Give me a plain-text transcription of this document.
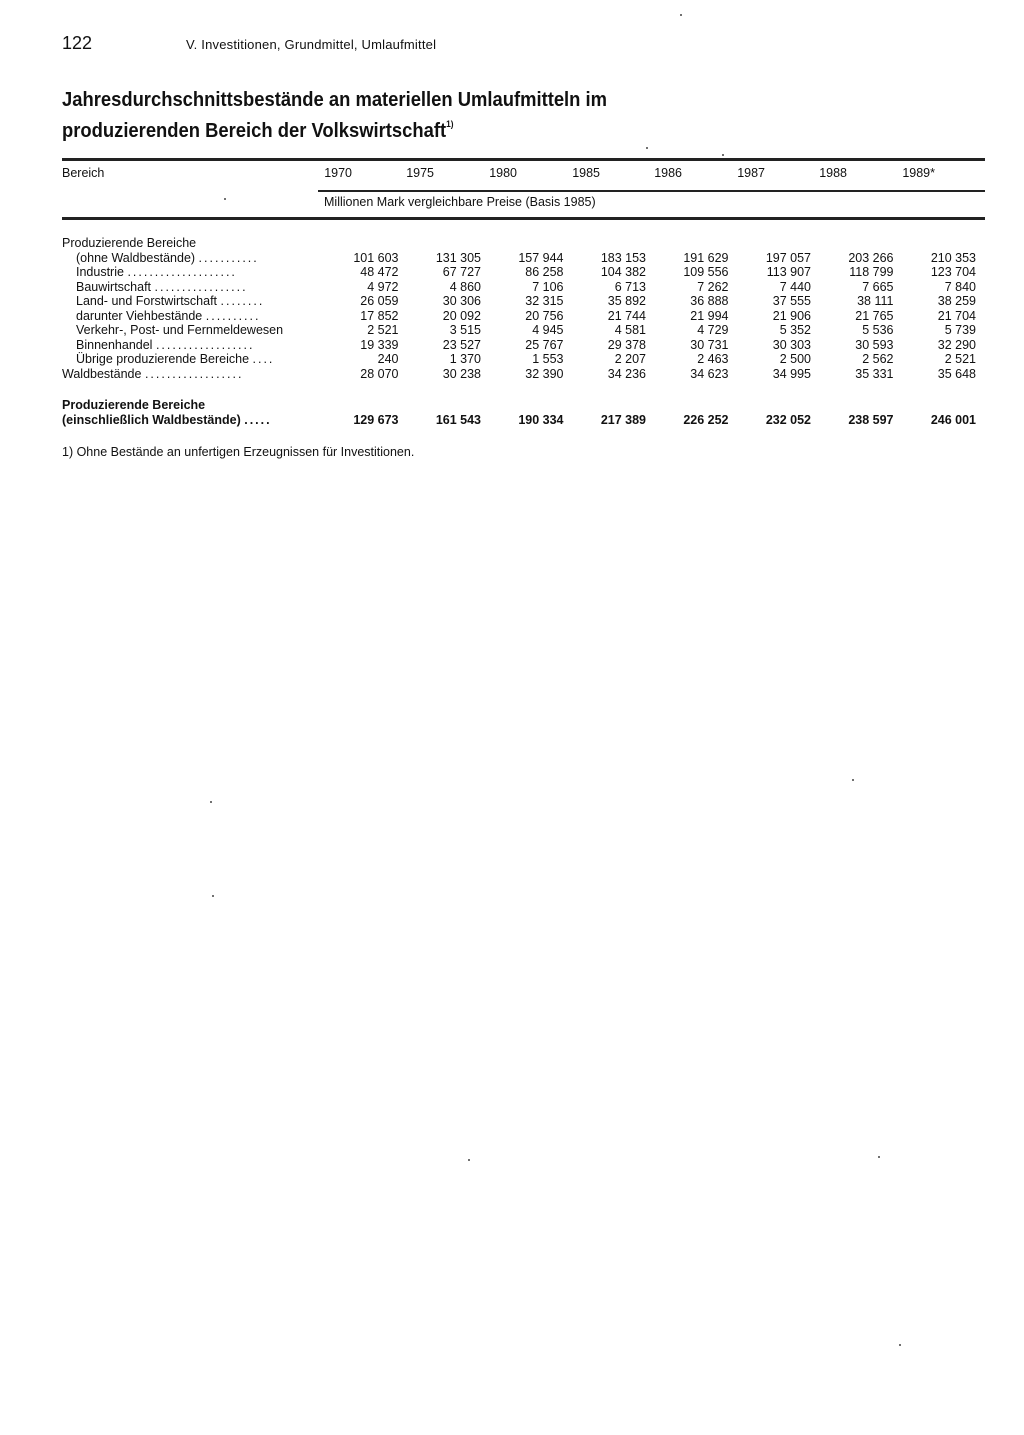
122	V. Investitionen, Grundmittel, Umlaufmittel
Jahresdurchschnittsbestände an materiellen Umlaufmitteln im
produzierenden Bereich der Volkswirtschaft$^{1)}$
Bereich	1970	1975	1980	1985	1986	1987	1988	1989*
Millionen Mark vergleichbare Preise (Basis 1985)
Produzierende Bereiche								
(ohne Waldbestände) ...........	101 603	131 305	157 944	183 153	191 629	197 057	203 266	210 353
Industrie ....................	48 472	67 727	86 258	104 382	109 556	113 907	118 799	123 704
Bauwirtschaft .................	4 972	4 860	7 106	6 713	7 262	7 440	7 665	7 840
Land- und Forstwirtschaft ........	26 059	30 306	32 315	35 892	36 888	37 555	38 111	38 259
darunter Viehbestände ..........	17 852	20 092	20 756	21 744	21 994	21 906	21 765	21 704
Verkehr-, Post- und Fernmeldewesen	2 521	3 515	4 945	4 581	4 729	5 352	5 536	5 739
Binnenhandel ..................	19 339	23 527	25 767	29 378	30 731	30 303	30 593	32 290
Übrige produzierende Bereiche ....	240	1 370	1 553	2 207	2 463	2 500	2 562	2 521
Waldbestände ..................	28 070	30 238	32 390	34 236	34 623	34 995	35 331	35 648

Produzierende Bereiche								
(einschließlich Waldbestände) .....	129 673	161 543	190 334	217 389	226 252	232 052	238 597	246 001
1) Ohne Bestände an unfertigen Erzeugnissen für Investitionen.
